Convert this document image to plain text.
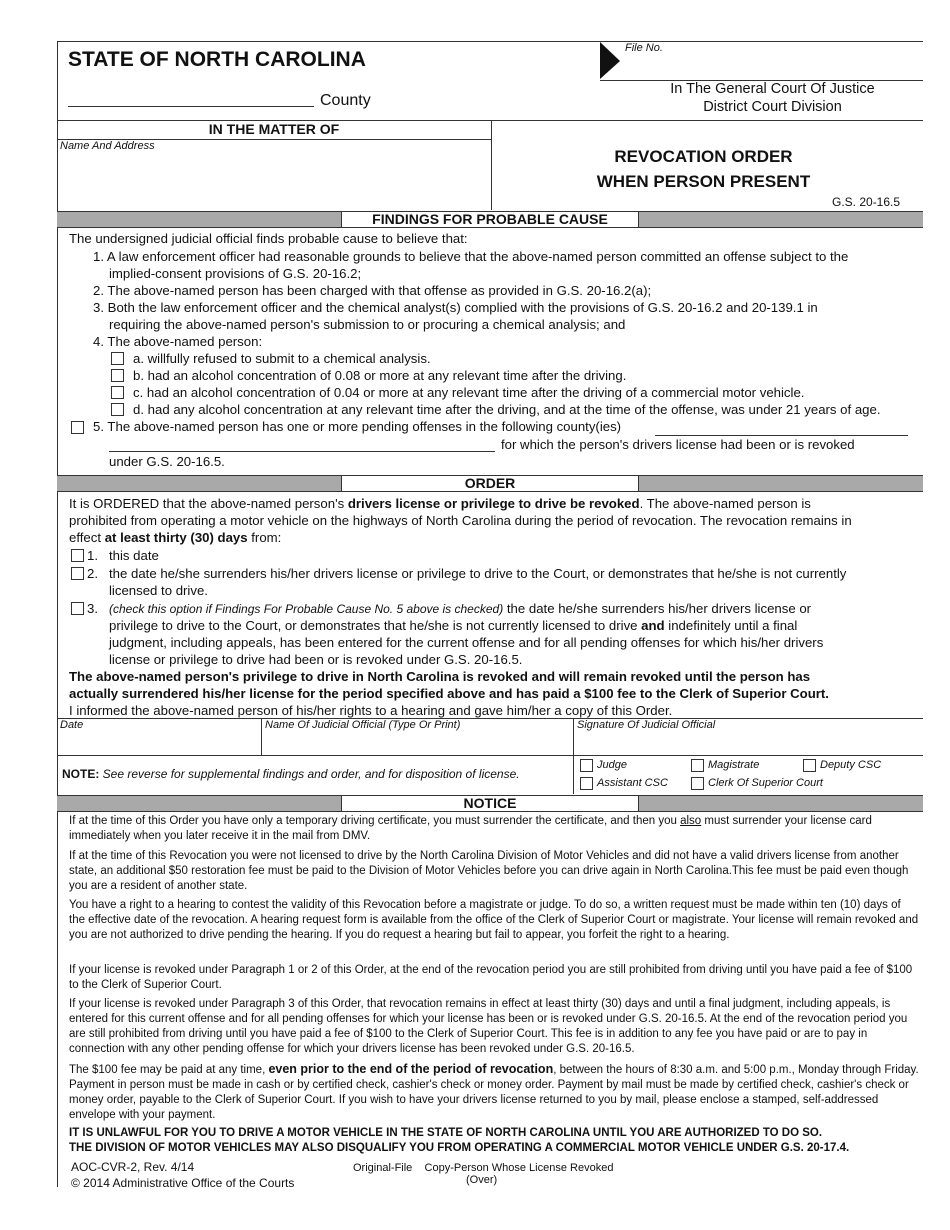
STATE OF NORTH CAROLINA
County
File No.
In The General Court Of Justice
District Court Division
IN THE MATTER OF
Name And Address
REVOCATION ORDER
WHEN PERSON PRESENT
G.S. 20-16.5
FINDINGS FOR PROBABLE CAUSE
The undersigned judicial official finds probable cause to believe that:
1. A law enforcement officer had reasonable grounds to believe that the above-named person committed an offense subject to the
implied-consent provisions of G.S. 20-16.2;
2. The above-named person has been charged with that offense as provided in G.S. 20-16.2(a);
3. Both the law enforcement officer and the chemical analyst(s) complied with the provisions of G.S. 20-16.2 and 20-139.1 in
requiring the above-named person's submission to or procuring a chemical analysis; and
4. The above-named person:
a. willfully refused to submit to a chemical analysis.
b. had an alcohol concentration of 0.08 or more at any relevant time after the driving.
c. had an alcohol concentration of 0.04 or more at any relevant time after the driving of a commercial motor vehicle.
d. had any alcohol concentration at any relevant time after the driving, and at the time of the offense, was under 21 years of age.
5. The above-named person has one or more pending offenses in the following county(ies)
for which the person's drivers license had been or is revoked
under G.S. 20-16.5.
ORDER
It is ORDERED that the above-named person's drivers license or privilege to drive be revoked. The above-named person is
prohibited from operating a motor vehicle on the highways of North Carolina during the period of revocation. The revocation remains in
effect at least thirty (30) days from:
1. this date
2. the date he/she surrenders his/her drivers license or privilege to drive to the Court, or demonstrates that he/she is not currently
licensed to drive.
3. (check this option if Findings For Probable Cause No. 5 above is checked) the date he/she surrenders his/her drivers license or
privilege to drive to the Court, or demonstrates that he/she is not currently licensed to drive and indefinitely until a final
judgment, including appeals, has been entered for the current offense and for all pending offenses for which his/her drivers
license or privilege to drive had been or is revoked under G.S. 20-16.5.
The above-named person's privilege to drive in North Carolina is revoked and will remain revoked until the person has
actually surrendered his/her license for the period specified above and has paid a $100 fee to the Clerk of Superior Court.
I informed the above-named person of his/her rights to a hearing and gave him/her a copy of this Order.
Date	Name Of Judicial Official (Type Or Print)	Signature Of Judicial Official
NOTE: See reverse for supplemental findings and order, and for disposition of license.
Judge	Magistrate	Deputy CSC
Assistant CSC	Clerk Of Superior Court
NOTICE
If at the time of this Order you have only a temporary driving certificate, you must surrender the certificate, and then you also must surrender your license card immediately when you later receive it in the mail from DMV.
If at the time of this Revocation you were not licensed to drive by the North Carolina Division of Motor Vehicles and did not have a valid drivers license from another state, an additional $50 restoration fee must be paid to the Division of Motor Vehicles before you can drive again in North Carolina.This fee must be paid even though you are a resident of another state.
You have a right to a hearing to contest the validity of this Revocation before a magistrate or judge. To do so, a written request must be made within ten (10) days of the effective date of the revocation. A hearing request form is available from the office of the Clerk of Superior Court or magistrate. Your license will remain revoked and you are not authorized to drive pending the hearing. If you do request a hearing but fail to appear, you forfeit the right to a hearing.
If your license is revoked under Paragraph 1 or 2 of this Order, at the end of the revocation period you are still prohibited from driving until you have paid a fee of $100 to the Clerk of Superior Court.
If your license is revoked under Paragraph 3 of this Order, that revocation remains in effect at least thirty (30) days and until a final judgment, including appeals, is entered for this current offense and for all pending offenses for which your license has been or is revoked under G.S. 20-16.5. At the end of the revocation period you are still prohibited from driving until you have paid a fee of $100 to the Clerk of Superior Court. This fee is in addition to any fee you have paid or are to pay in connection with any other pending offense for which your drivers license has been revoked under G.S. 20-16.5.
The $100 fee may be paid at any time, even prior to the end of the period of revocation, between the hours of 8:30 a.m. and 5:00 p.m., Monday through Friday. Payment in person must be made in cash or by certified check, cashier's check or money order. Payment by mail must be made by certified check, cashier's check or money order, payable to the Clerk of Superior Court. If you wish to have your drivers license returned to you by mail, please enclose a stamped, self-addressed envelope with your payment.
IT IS UNLAWFUL FOR YOU TO DRIVE A MOTOR VEHICLE IN THE STATE OF NORTH CAROLINA UNTIL YOU ARE AUTHORIZED TO DO SO.
THE DIVISION OF MOTOR VEHICLES MAY ALSO DISQUALIFY YOU FROM OPERATING A COMMERCIAL MOTOR VEHICLE UNDER G.S. 20-17.4.
AOC-CVR-2, Rev. 4/14
© 2014 Administrative Office of the Courts
Original-File    Copy-Person Whose License Revoked
(Over)
